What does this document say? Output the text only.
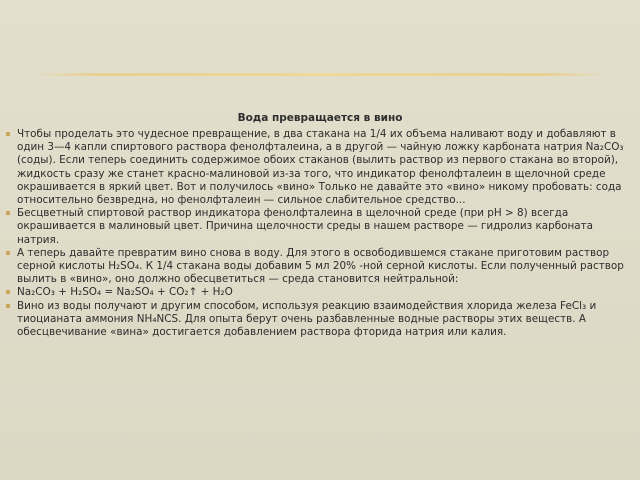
Вода превращается в вино

Чтобы проделать это чудесное превращение, в два стакана на 1/4 их объема наливают воду и добавляют в один 3—4 капли спиртового раствора фенолфталеина, а в другой — чайную ложку карбоната натрия Na₂CO₃ (соды). Если теперь соединить содержимое обоих стаканов (вылить раствор из первого стакана во второй), жидкость сразу же станет красно-малиновой из-за того, что индикатор фенолфталеин в щелочной среде окрашивается в яркий цвет. Вот и получилось «вино» Только не давайте это «вино» никому пробовать: сода относительно безвредна, но фенолфталеин — сильное слабительное средство...

Бесцветный спиртовой раствор индикатора фенолфталеина в щелочной среде (при pH > 8) всегда окрашивается в малиновый цвет. Причина щелочности среды в нашем растворе — гидролиз карбоната натрия.

А теперь давайте превратим вино снова в воду. Для этого в освободившемся стакане приготовим раствор серной кислоты H₂SO₄. К 1/4 стакана воды добавим 5 мл 20% -ной серной кислоты. Если полученный раствор вылить в «вино», оно должно обесцветиться — среда становится нейтральной:

Na₂CO₃ + H₂SO₄ = Na₂SO₄ + CO₂↑ + H₂O

Вино из воды получают и другим способом, используя реакцию взаимодействия хлорида железа FeCl₃ и тиоцианата аммония NH₄NCS. Для опыта берут очень разбавленные водные растворы этих веществ. А обесцвечивание «вина» достигается добавлением раствора фторида натрия или калия.
